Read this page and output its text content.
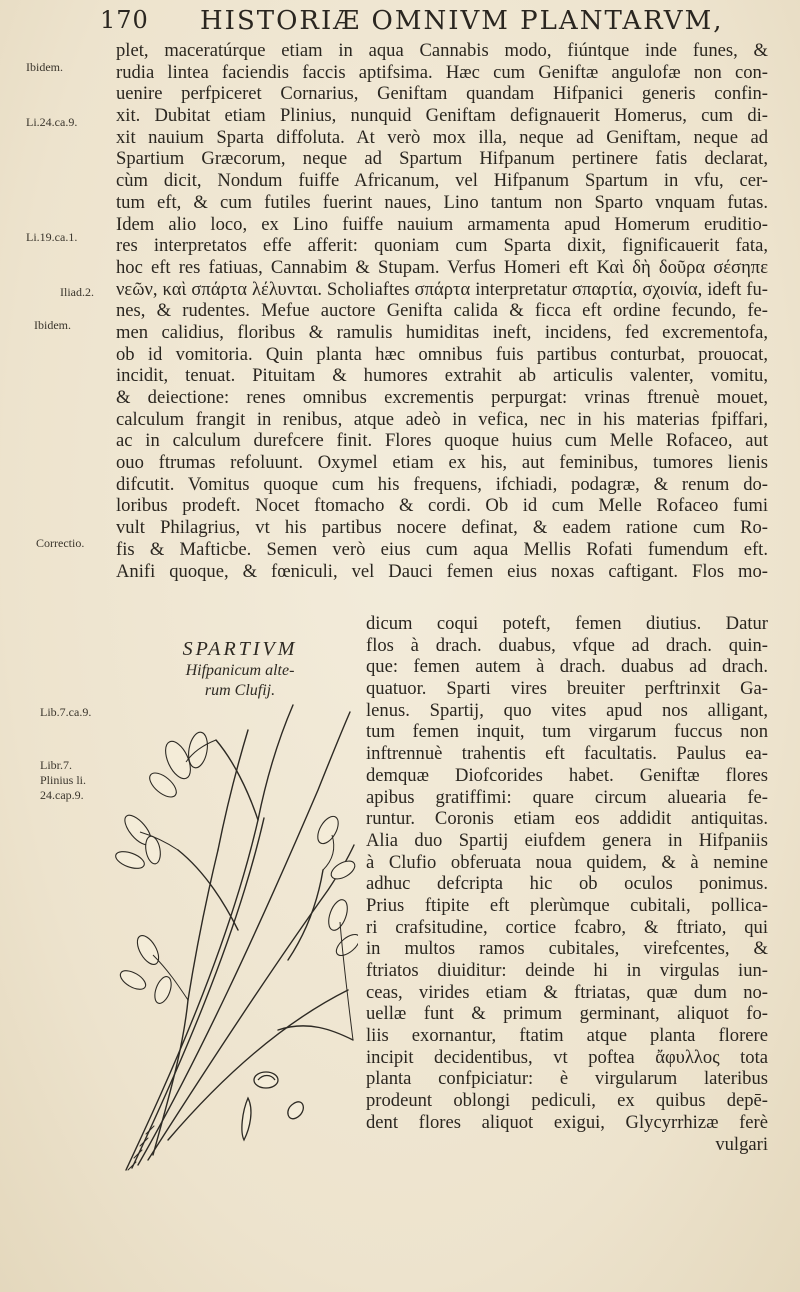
170 HISTORIÆ OMNIVM PLANTARVM,
Ibidem.
Li.24.ca.9.
Li.19.ca.1.
Iliad.2.
Ibidem.
Correctio.
Lib.7.ca.9.
Libr.7.
Plinius li.
24.cap.9.
plet, maceratúrque etiam in aqua Cannabis modo, fiúntque inde funes, &
rudia lintea faciendis faccis aptifsima. Hæc cum Geniftæ angulofæ non con-
uenire perfpiceret Cornarius, Geniftam quandam Hifpanici generis confin-
xit. Dubitat etiam Plinius, nunquid Geniftam defignauerit Homerus, cum di-
xit nauium Sparta diffoluta. At verò mox illa, neque ad Geniftam, neque ad
Spartium Græcorum, neque ad Spartum Hifpanum pertinere fatis declarat,
cùm dicit, Nondum fuiffe Africanum, vel Hifpanum Spartum in vfu, cer-
tum eft, & cum futiles fuerint naues, Lino tantum non Sparto vnquam futas.
Idem alio loco, ex Lino fuiffe nauium armamenta apud Homerum eruditio-
res interpretatos effe afferit: quoniam cum Sparta dixit, fignificauerit fata,
hoc eft res fatiuas, Cannabim & Stupam. Verfus Homeri eft Καὶ δὴ δοῦρα σέσηπε
νεῶν, καὶ σπάρτα λέλυνται. Scholiaftes σπάρτα interpretatur σπαρτία, σχοινία, ideft fu-
nes, & rudentes. Mefue auctore Genifta calida & ficca eft ordine fecundo, fe-
men calidius, floribus & ramulis humiditas ineft, incidens, fed excrementofa,
ob id vomitoria. Quin planta hæc omnibus fuis partibus conturbat, prouocat,
incidit, tenuat. Pituitam & humores extrahit ab articulis valenter, vomitu,
& deiectione: renes omnibus excrementis perpurgat: vrinas ftrenuè mouet,
calculum frangit in renibus, atque adeò in vefica, nec in his materias fpiffari,
ac in calculum durefcere finit. Flores quoque huius cum Melle Rofaceo, aut
ouo ftrumas refoluunt. Oxymel etiam ex his, aut feminibus, tumores lienis
difcutit. Vomitus quoque cum his frequens, ifchiadi, podagræ, & renum do-
loribus prodeft. Nocet ftomacho & cordi. Ob id cum Melle Rofaceo fumi
vult Philagrius, vt his partibus nocere definat, & eadem ratione cum Ro-
fis & Mafticbe. Semen verò eius cum aqua Mellis Rofati fumendum eft.
Anifi quoque, & fœniculi, vel Dauci femen eius noxas caftigant. Flos mo-
SPARTIVM
Hifpanicum alte-
rum Clufij.
dicum coqui poteft, femen diutius. Datur
flos à drach. duabus, vfque ad drach. quin-
que: femen autem à drach. duabus ad drach.
quatuor. Sparti vires breuiter perftrinxit Ga-
lenus. Spartij, quo vites apud nos alligant,
tum femen inquit, tum virgarum fuccus non
inftrennuè trahentis eft facultatis. Paulus ea-
demquæ Diofcorides habet. Geniftæ flores
apibus gratiffimi: quare circum aluearia fe-
runtur. Coronis etiam eos addidit antiquitas.
Alia duo Spartij eiufdem genera in Hifpaniis
à Clufio obferuata noua quidem, & à nemine
adhuc defcripta hic ob oculos ponimus.
Prius ftipite eft plerùmque cubitali, pollica-
ri crafsitudine, cortice fcabro, & ftriato, qui
in multos ramos cubitales, virefcentes, &
ftriatos diuiditur: deinde hi in virgulas iun-
ceas, virides etiam & ftriatas, quæ dum no-
uellæ funt & primum germinant, aliquot fo-
liis exornantur, ftatim atque planta florere
incipit decidentibus, vt poftea ἄφυλλος tota
planta confpiciatur: è virgularum lateribus
prodeunt oblongi pediculi, ex quibus depē-
dent flores aliquot exigui, Glycyrrhizæ ferè
vulgari
